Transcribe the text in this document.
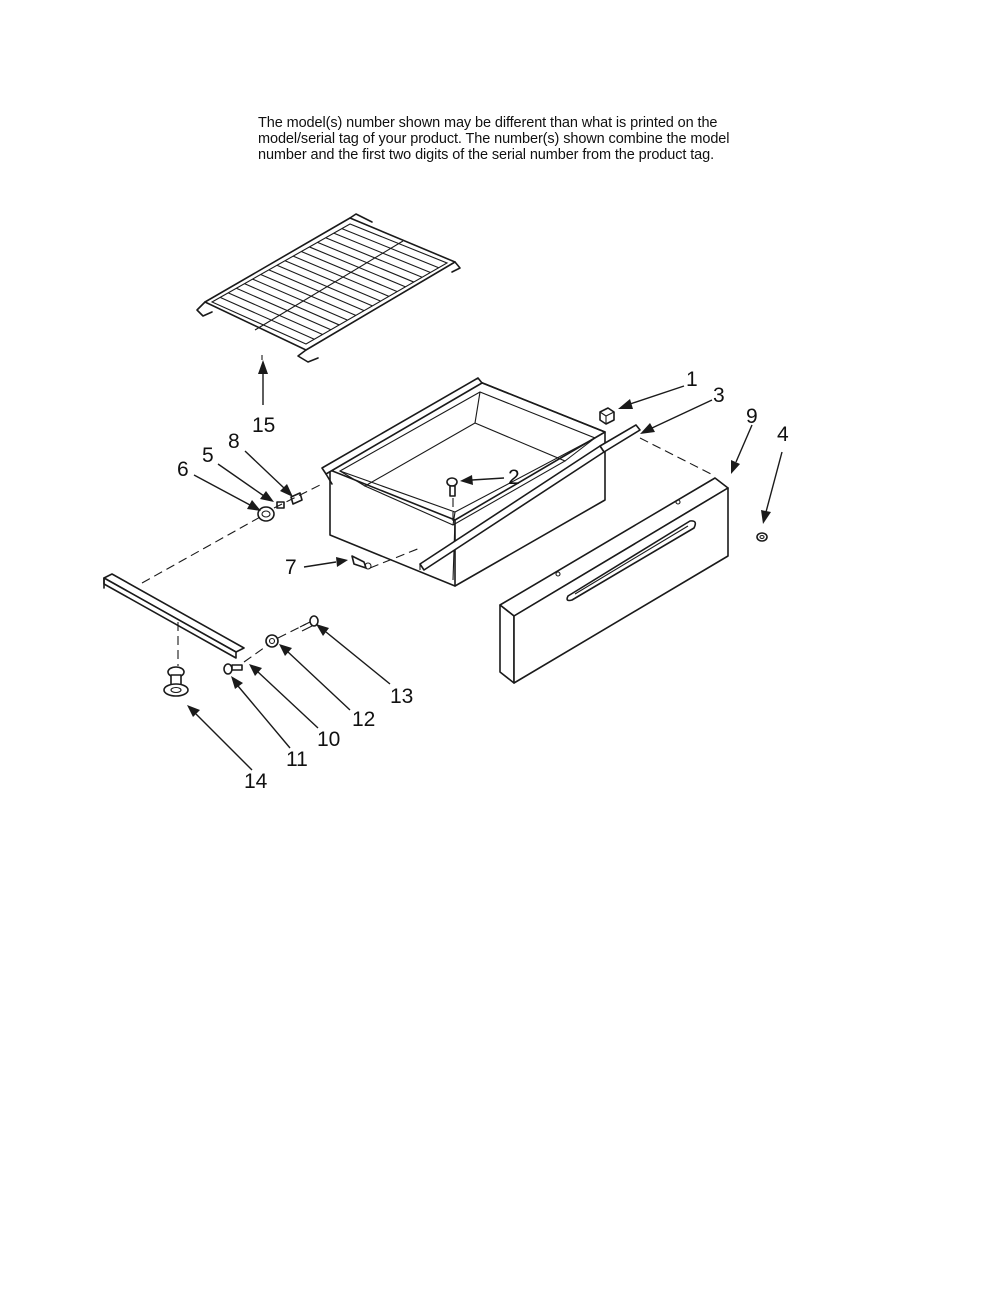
The model(s) number shown may be different than what is printed on the
model/serial tag of your product. The number(s) shown combine the model
number and the first two digits of the serial number from the product tag.
15
1
3
9
4
2
8
5
6
7
13
12
10
11
14
